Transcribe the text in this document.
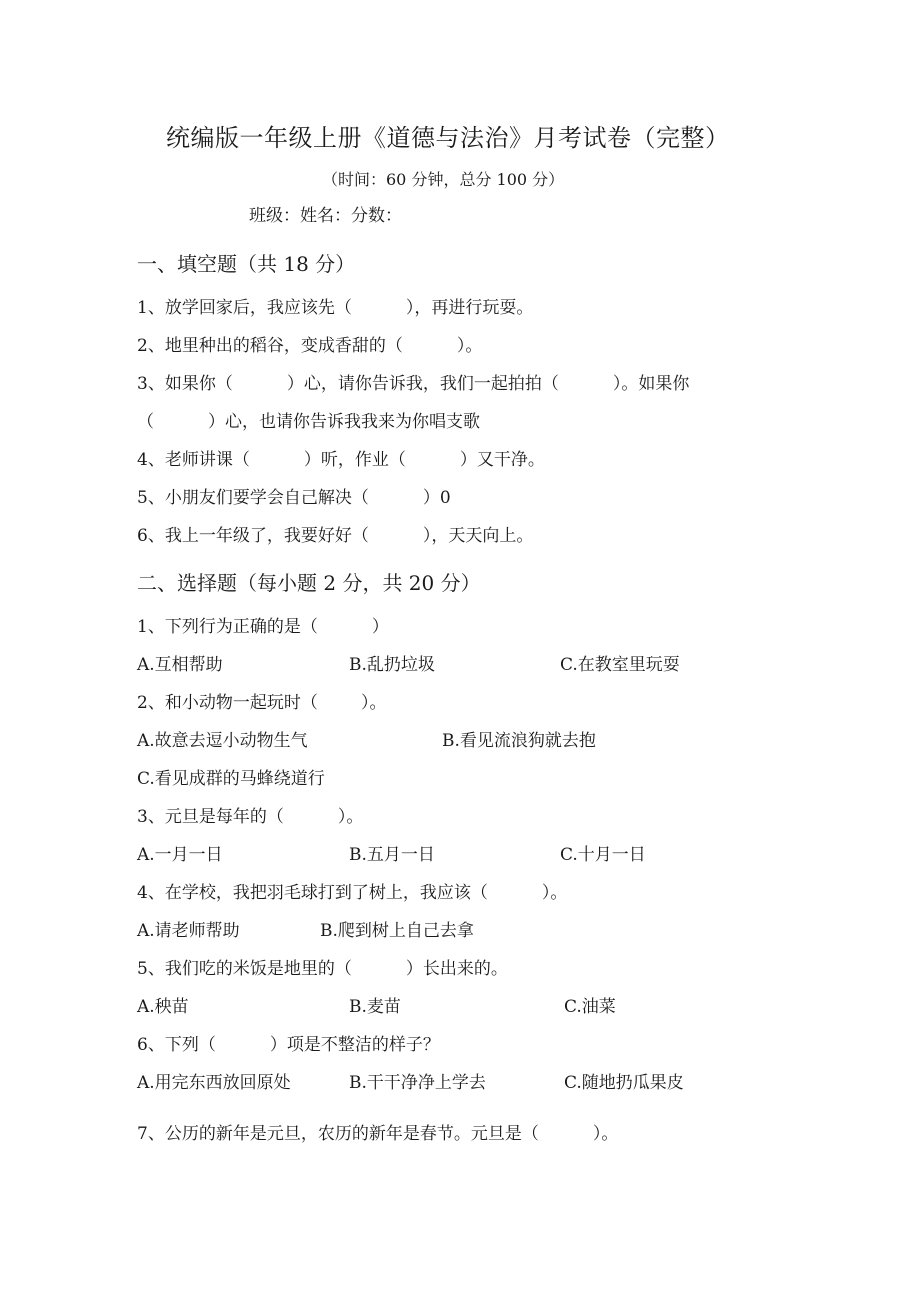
统编版一年级上册《道德与法治》月考试卷（完整）
（时间：60 分钟，总分 100 分）
班级：姓名：分数：
一、填空题（共 18 分）
1、放学回家后，我应该先（          ），再进行玩耍。
2、地里种出的稻谷，变成香甜的（          ）。
3、如果你（          ）心，请你告诉我，我们一起拍拍（          ）。如果你
（          ）心，也请你告诉我我来为你唱支歌
4、老师讲课（          ）听，作业（          ）又干净。
5、小朋友们要学会自己解决（          ）0
6、我上一年级了，我要好好（          ），天天向上。
二、选择题（每小题 2 分，共 20 分）
1、下列行为正确的是（          ）
A.互相帮助	B.乱扔垃圾	C.在教室里玩耍
2、和小动物一起玩时（        ）。
A.故意去逗小动物生气	B.看见流浪狗就去抱
C.看见成群的马蜂绕道行
3、元旦是每年的（          ）。
A.一月一日	B.五月一日	C.十月一日
4、在学校，我把羽毛球打到了树上，我应该（          ）。
A.请老师帮助	B.爬到树上自己去拿
5、我们吃的米饭是地里的（          ）长出来的。
A.秧苗	B.麦苗	C.油菜
6、下列（          ）项是不整洁的样子？
A.用完东西放回原处	B.干干净净上学去	C.随地扔瓜果皮
7、公历的新年是元旦，农历的新年是春节。元旦是（          ）。
